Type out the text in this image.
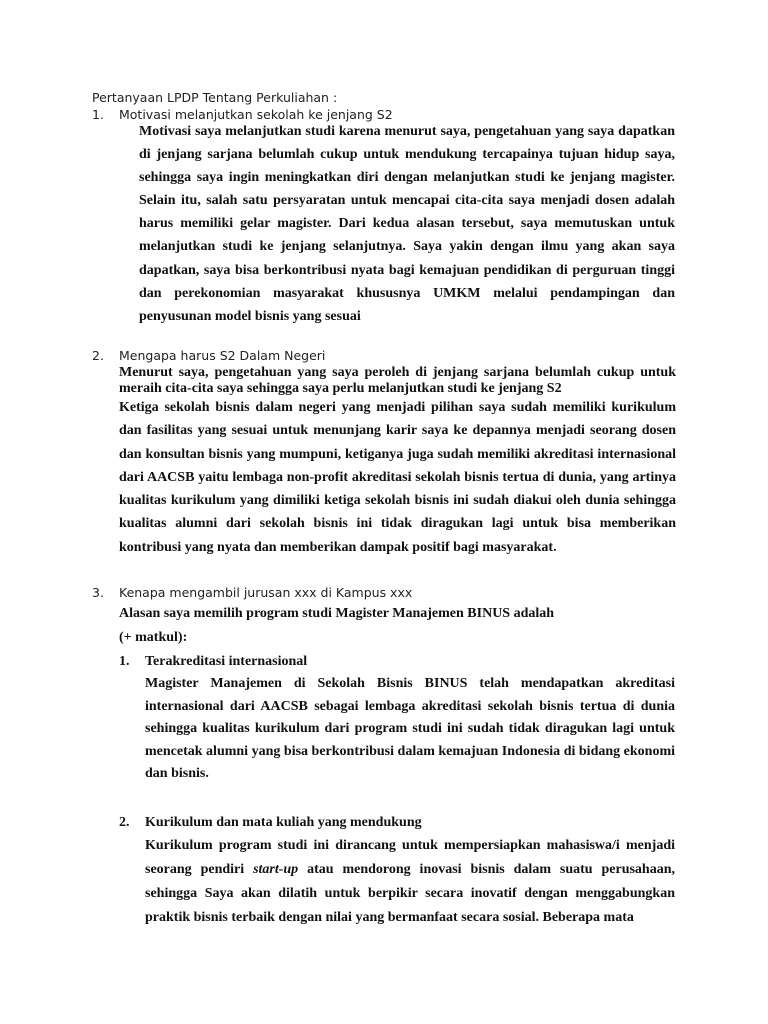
Pertanyaan LPDP Tentang Perkuliahan :
1. Motivasi melanjutkan sekolah ke jenjang S2

Motivasi saya melanjutkan studi karena menurut saya, pengetahuan yang saya dapatkan di jenjang sarjana belumlah cukup untuk mendukung tercapainya tujuan hidup saya, sehingga saya ingin meningkatkan diri dengan melanjutkan studi ke jenjang magister. Selain itu, salah satu persyaratan untuk mencapai cita-cita saya menjadi dosen adalah harus memiliki gelar magister. Dari kedua alasan tersebut, saya memutuskan untuk melanjutkan studi ke jenjang selanjutnya. Saya yakin dengan ilmu yang akan saya dapatkan, saya bisa berkontribusi nyata bagi kemajuan pendidikan di perguruan tinggi dan perekonomian masyarakat khususnya UMKM melalui pendampingan dan penyusunan model bisnis yang sesuai

2. Mengapa harus S2 Dalam Negeri

Menurut saya, pengetahuan yang saya peroleh di jenjang sarjana belumlah cukup untuk meraih cita-cita saya sehingga saya perlu melanjutkan studi ke jenjang S2

Ketiga sekolah bisnis dalam negeri yang menjadi pilihan saya sudah memiliki kurikulum dan fasilitas yang sesuai untuk menunjang karir saya ke depannya menjadi seorang dosen dan konsultan bisnis yang mumpuni, ketiganya juga sudah memiliki akreditasi internasional dari AACSB yaitu lembaga non-profit akreditasi sekolah bisnis tertua di dunia, yang artinya kualitas kurikulum yang dimiliki ketiga sekolah bisnis ini sudah diakui oleh dunia sehingga kualitas alumni dari sekolah bisnis ini tidak diragukan lagi untuk bisa memberikan kontribusi yang nyata dan memberikan dampak positif bagi masyarakat.

3. Kenapa mengambil jurusan xxx di Kampus xxx
Alasan saya memilih program studi Magister Manajemen BINUS adalah
(+ matkul):
1. Terakreditasi internasional

Magister Manajemen di Sekolah Bisnis BINUS telah mendapatkan akreditasi internasional dari AACSB sebagai lembaga akreditasi sekolah bisnis tertua di dunia sehingga kualitas kurikulum dari program studi ini sudah tidak diragukan lagi untuk mencetak alumni yang bisa berkontribusi dalam kemajuan Indonesia di bidang ekonomi dan bisnis.

2. Kurikulum dan mata kuliah yang mendukung

Kurikulum program studi ini dirancang untuk mempersiapkan mahasiswa/i menjadi seorang pendiri start-up atau mendorong inovasi bisnis dalam suatu perusahaan, sehingga Saya akan dilatih untuk berpikir secara inovatif dengan menggabungkan praktik bisnis terbaik dengan nilai yang bermanfaat secara sosial. Beberapa mata
